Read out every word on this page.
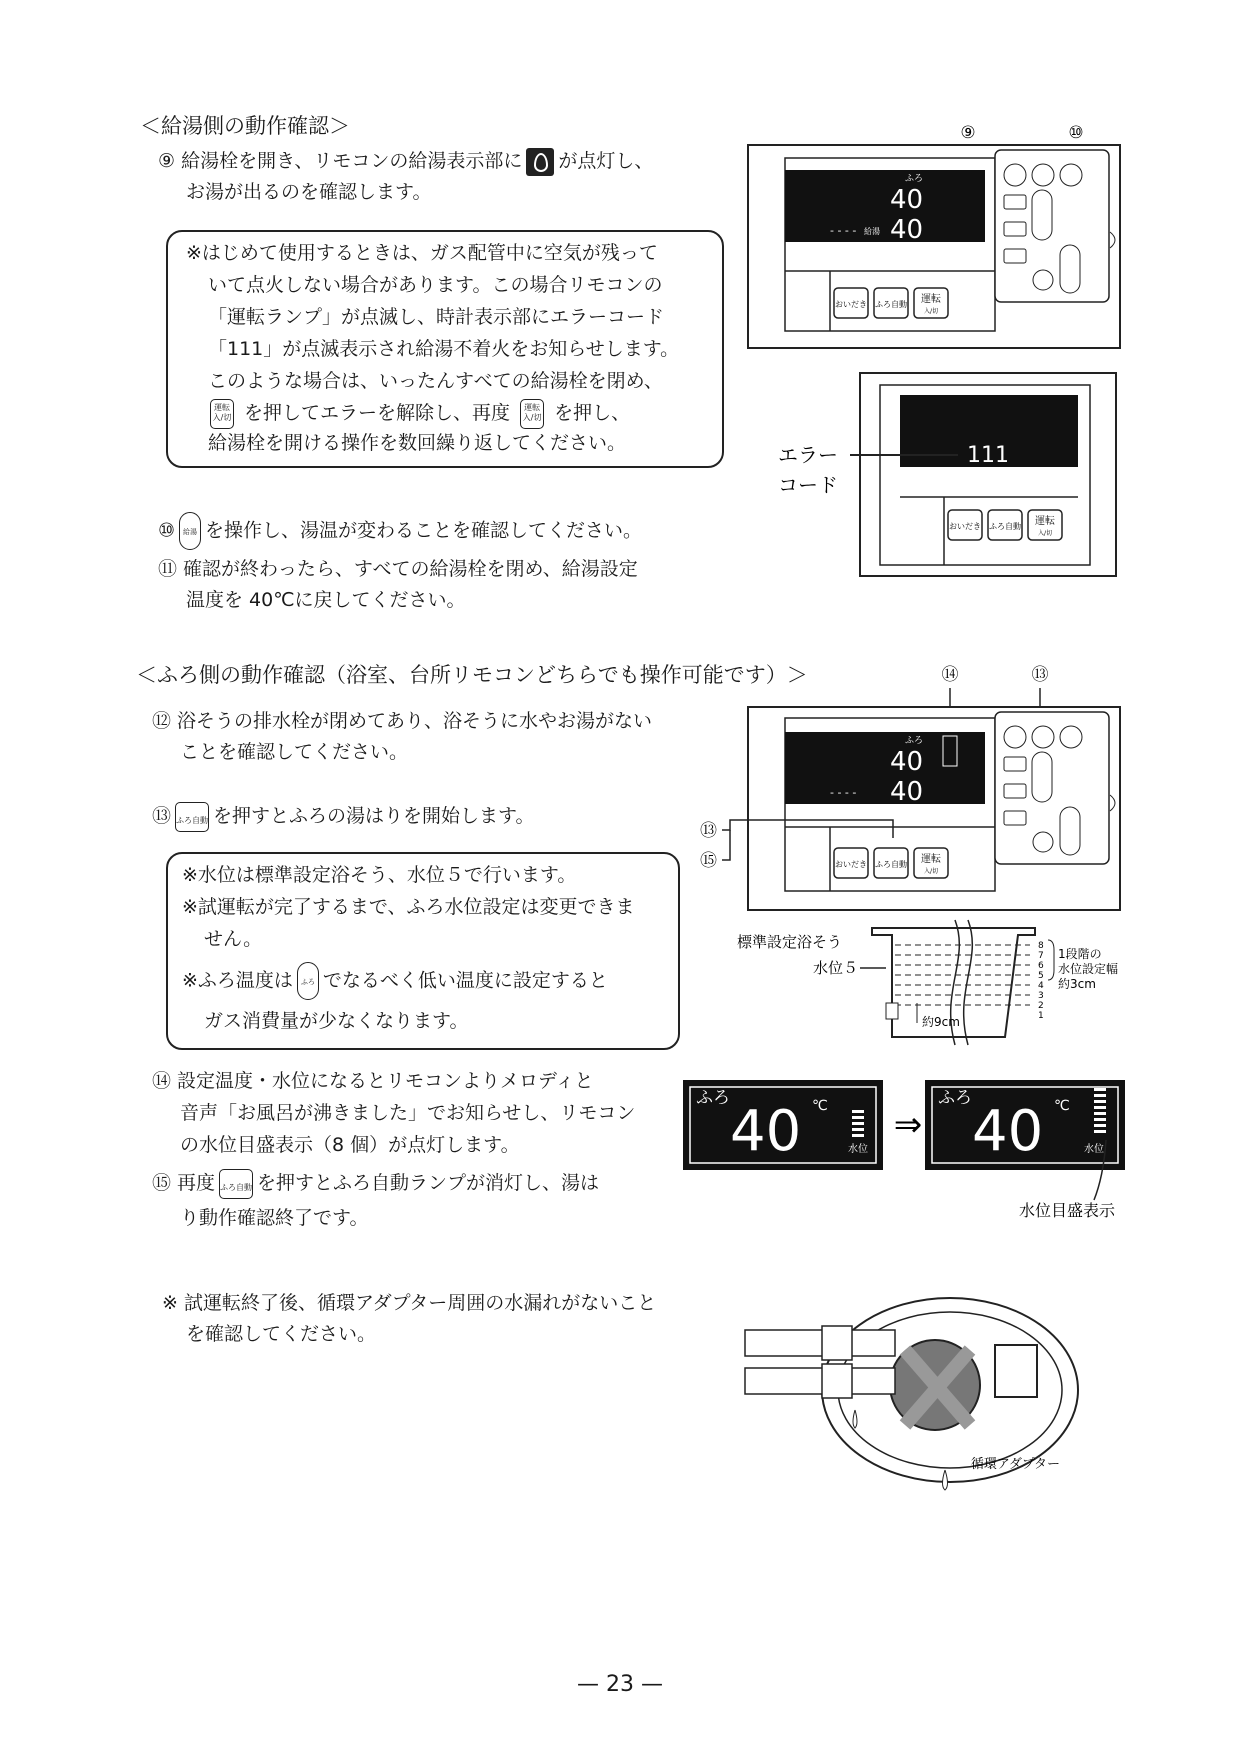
＜給湯側の動作確認＞
⑨ 給湯栓を開き、リモコンの給湯表示部に が点灯し、
お湯が出るのを確認します。
※はじめて使用するときは、ガス配管中に空気が残って
いて点火しない場合があります。この場合リモコンの
「運転ランプ」が点滅し、時計表示部にエラーコード
「111」が点滅表示され給湯不着火をお知らせします。
このような場合は、いったんすべての給湯栓を閉め、
運転
入/切 を押してエラーを解除し、再度 運転
入/切 を押し、
給湯栓を開ける操作を数回繰り返してください。
⑩ 給湯 を操作し、湯温が変わることを確認してください。
⑪ 確認が終わったら、すべての給湯栓を閉め、給湯設定
温度を 40℃に戻してください。
＜ふろ側の動作確認（浴室、台所リモコンどちらでも操作可能です）＞
⑫ 浴そうの排水栓が閉めてあり、浴そうに水やお湯がない
ことを確認してください。
⑬ ふろ自動 を押すとふろの湯はりを開始します。
※水位は標準設定浴そう、水位５で行います。
※試運転が完了するまで、ふろ水位設定は変更できま
せん。
※ふろ温度は ふろ でなるべく低い温度に設定すると
ガス消費量が少なくなります。
⑭ 設定温度・水位になるとリモコンよりメロディと
音声「お風呂が沸きました」でお知らせし、リモコン
の水位目盛表示（8 個）が点灯します。
⑮ 再度 ふろ自動 を押すとふろ自動ランプが消灯し、湯は
り動作確認終了です。
※ 試運転終了後、循環アダプター周囲の水漏れがないこと
を確認してください。
⑨	⑩
ふろ
40
40
- - - - 給湯
おいだき ふろ自動 運転
入/切
111
おいだき ふろ自動 運転
入/切
エラー
コード
⑭	⑬
ふろ
40
40
- - - -
おいだき ふろ自動 運転
入/切
⑬
⑮
標準設定浴そう
水位５
約9cm
8
7
6
5
4
3
2
1
1段階の
水位設定幅
約3cm
ふろ
40 ℃
水位
⇒
ふろ
40 ℃
水位
水位目盛表示
循環アダプター
— 23 —
